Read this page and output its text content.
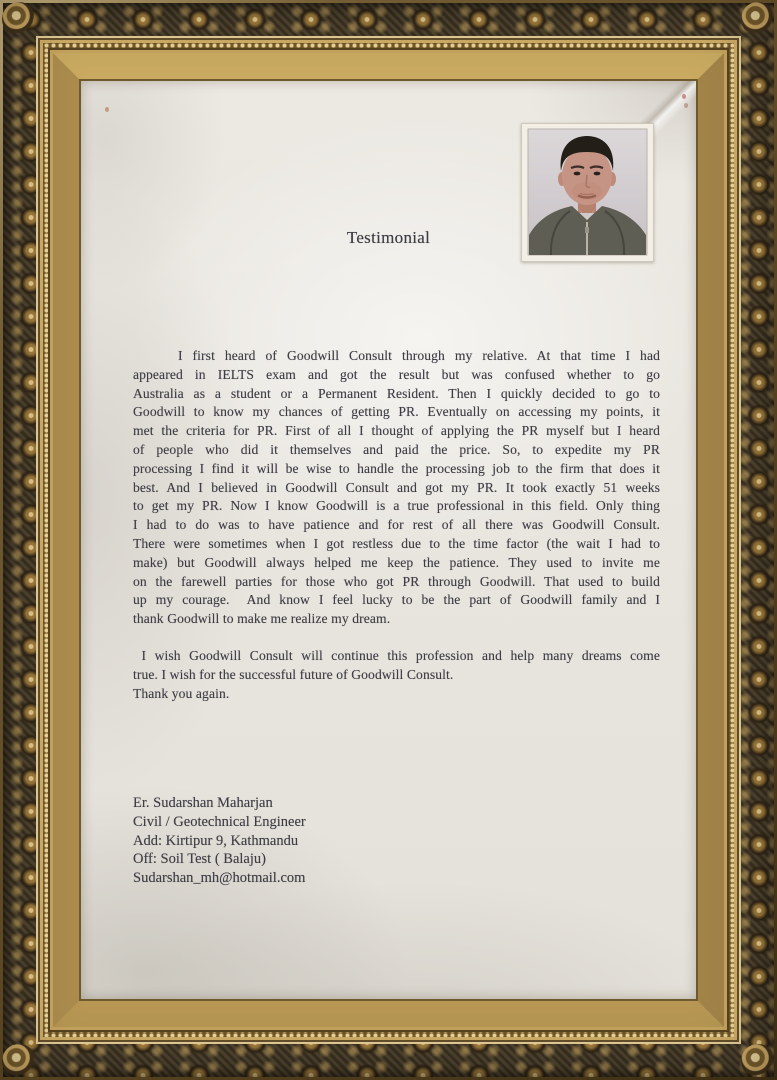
Testimonial
I first heard of Goodwill Consult through my relative. At that time I had
appeared in IELTS exam and got the result but was confused whether to go
Australia as a student or a Permanent Resident. Then I quickly decided to go to
Goodwill to know my chances of getting PR. Eventually on accessing my points, it
met the criteria for PR. First of all I thought of applying the PR myself but I heard
of people who did it themselves and paid the price. So, to expedite my PR
processing I find it will be wise to handle the processing job to the firm that does it
best. And I believed in Goodwill Consult and got my PR. It took exactly 51 weeks
to get my PR. Now I know Goodwill is a true professional in this field. Only thing
I had to do was to have patience and for rest of all there was Goodwill Consult.
There were sometimes when I got restless due to the time factor (the wait I had to
make) but Goodwill always helped me keep the patience. They used to invite me
on the farewell parties for those who got PR through Goodwill. That used to build
up my courage.  And know I feel lucky to be the part of Goodwill family and I
thank Goodwill to make me realize my dream.
I wish Goodwill Consult will continue this profession and help many dreams come
true. I wish for the successful future of Goodwill Consult.
Thank you again.
Er. Sudarshan Maharjan
Civil / Geotechnical Engineer
Add: Kirtipur 9, Kathmandu
Off: Soil Test ( Balaju)
Sudarshan_mh@hotmail.com
